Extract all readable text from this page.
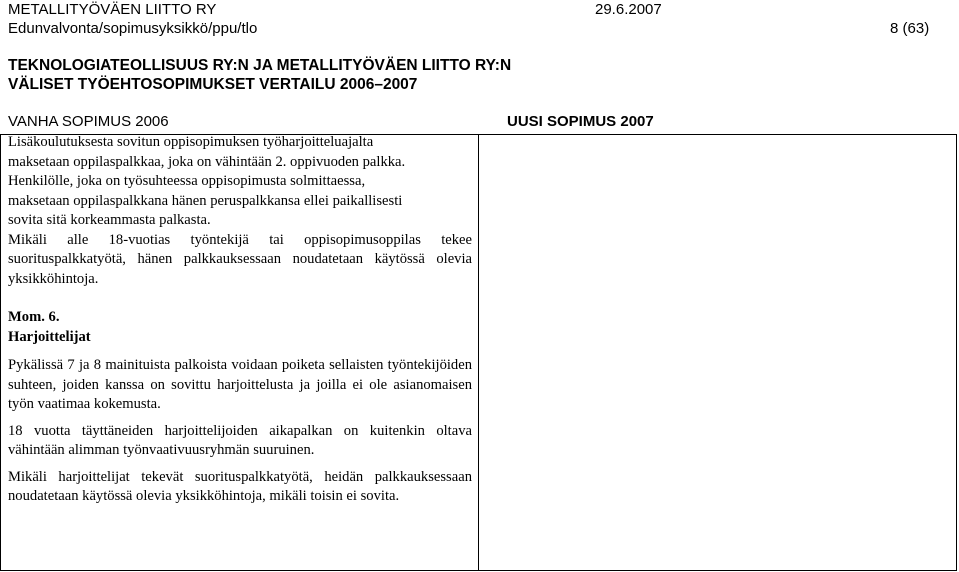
METALLITYÖVÄEN LIITTO RY	29.6.2007
Edunvalvonta/sopimusyksikkö/ppu/tlo	8 (63)
TEKNOLOGIATEOLLISUUS RY:N JA METALLITYÖVÄEN LIITTO RY:N
VÄLISET TYÖEHTOSOPIMUKSET VERTAILU 2006–2007
VANHA SOPIMUS 2006	UUSI SOPIMUS 2007

Lisäkoulutuksesta sovitun oppisopimuksen työharjoitteluajalta
maksetaan oppilaspalkkaa, joka on vähintään 2. oppivuoden palkka.
Henkilölle, joka on työsuhteessa oppisopimusta solmittaessa,
maksetaan oppilaspalkkana hänen peruspalkkansa ellei paikallisesti
sovita sitä korkeammasta palkasta.

Mikäli alle 18-vuotias työntekijä tai oppisopimusoppilas tekee suorituspalkkatyötä, hänen palkkauksessaan noudatetaan käytössä olevia yksikköhintoja.

Mom. 6.

Harjoittelijat

Pykälissä 7 ja 8 mainituista palkoista voidaan poiketa sellaisten työntekijöiden suhteen, joiden kanssa on sovittu harjoittelusta ja joilla ei ole asianomaisen työn vaatimaa kokemusta.

18 vuotta täyttäneiden harjoittelijoiden aikapalkan on kuitenkin oltava vähintään alimman työnvaativuusryhmän suuruinen.

Mikäli harjoittelijat tekevät suorituspalkkatyötä, heidän palkkauksessaan noudatetaan käytössä olevia yksikköhintoja, mikäli toisin ei sovita.
